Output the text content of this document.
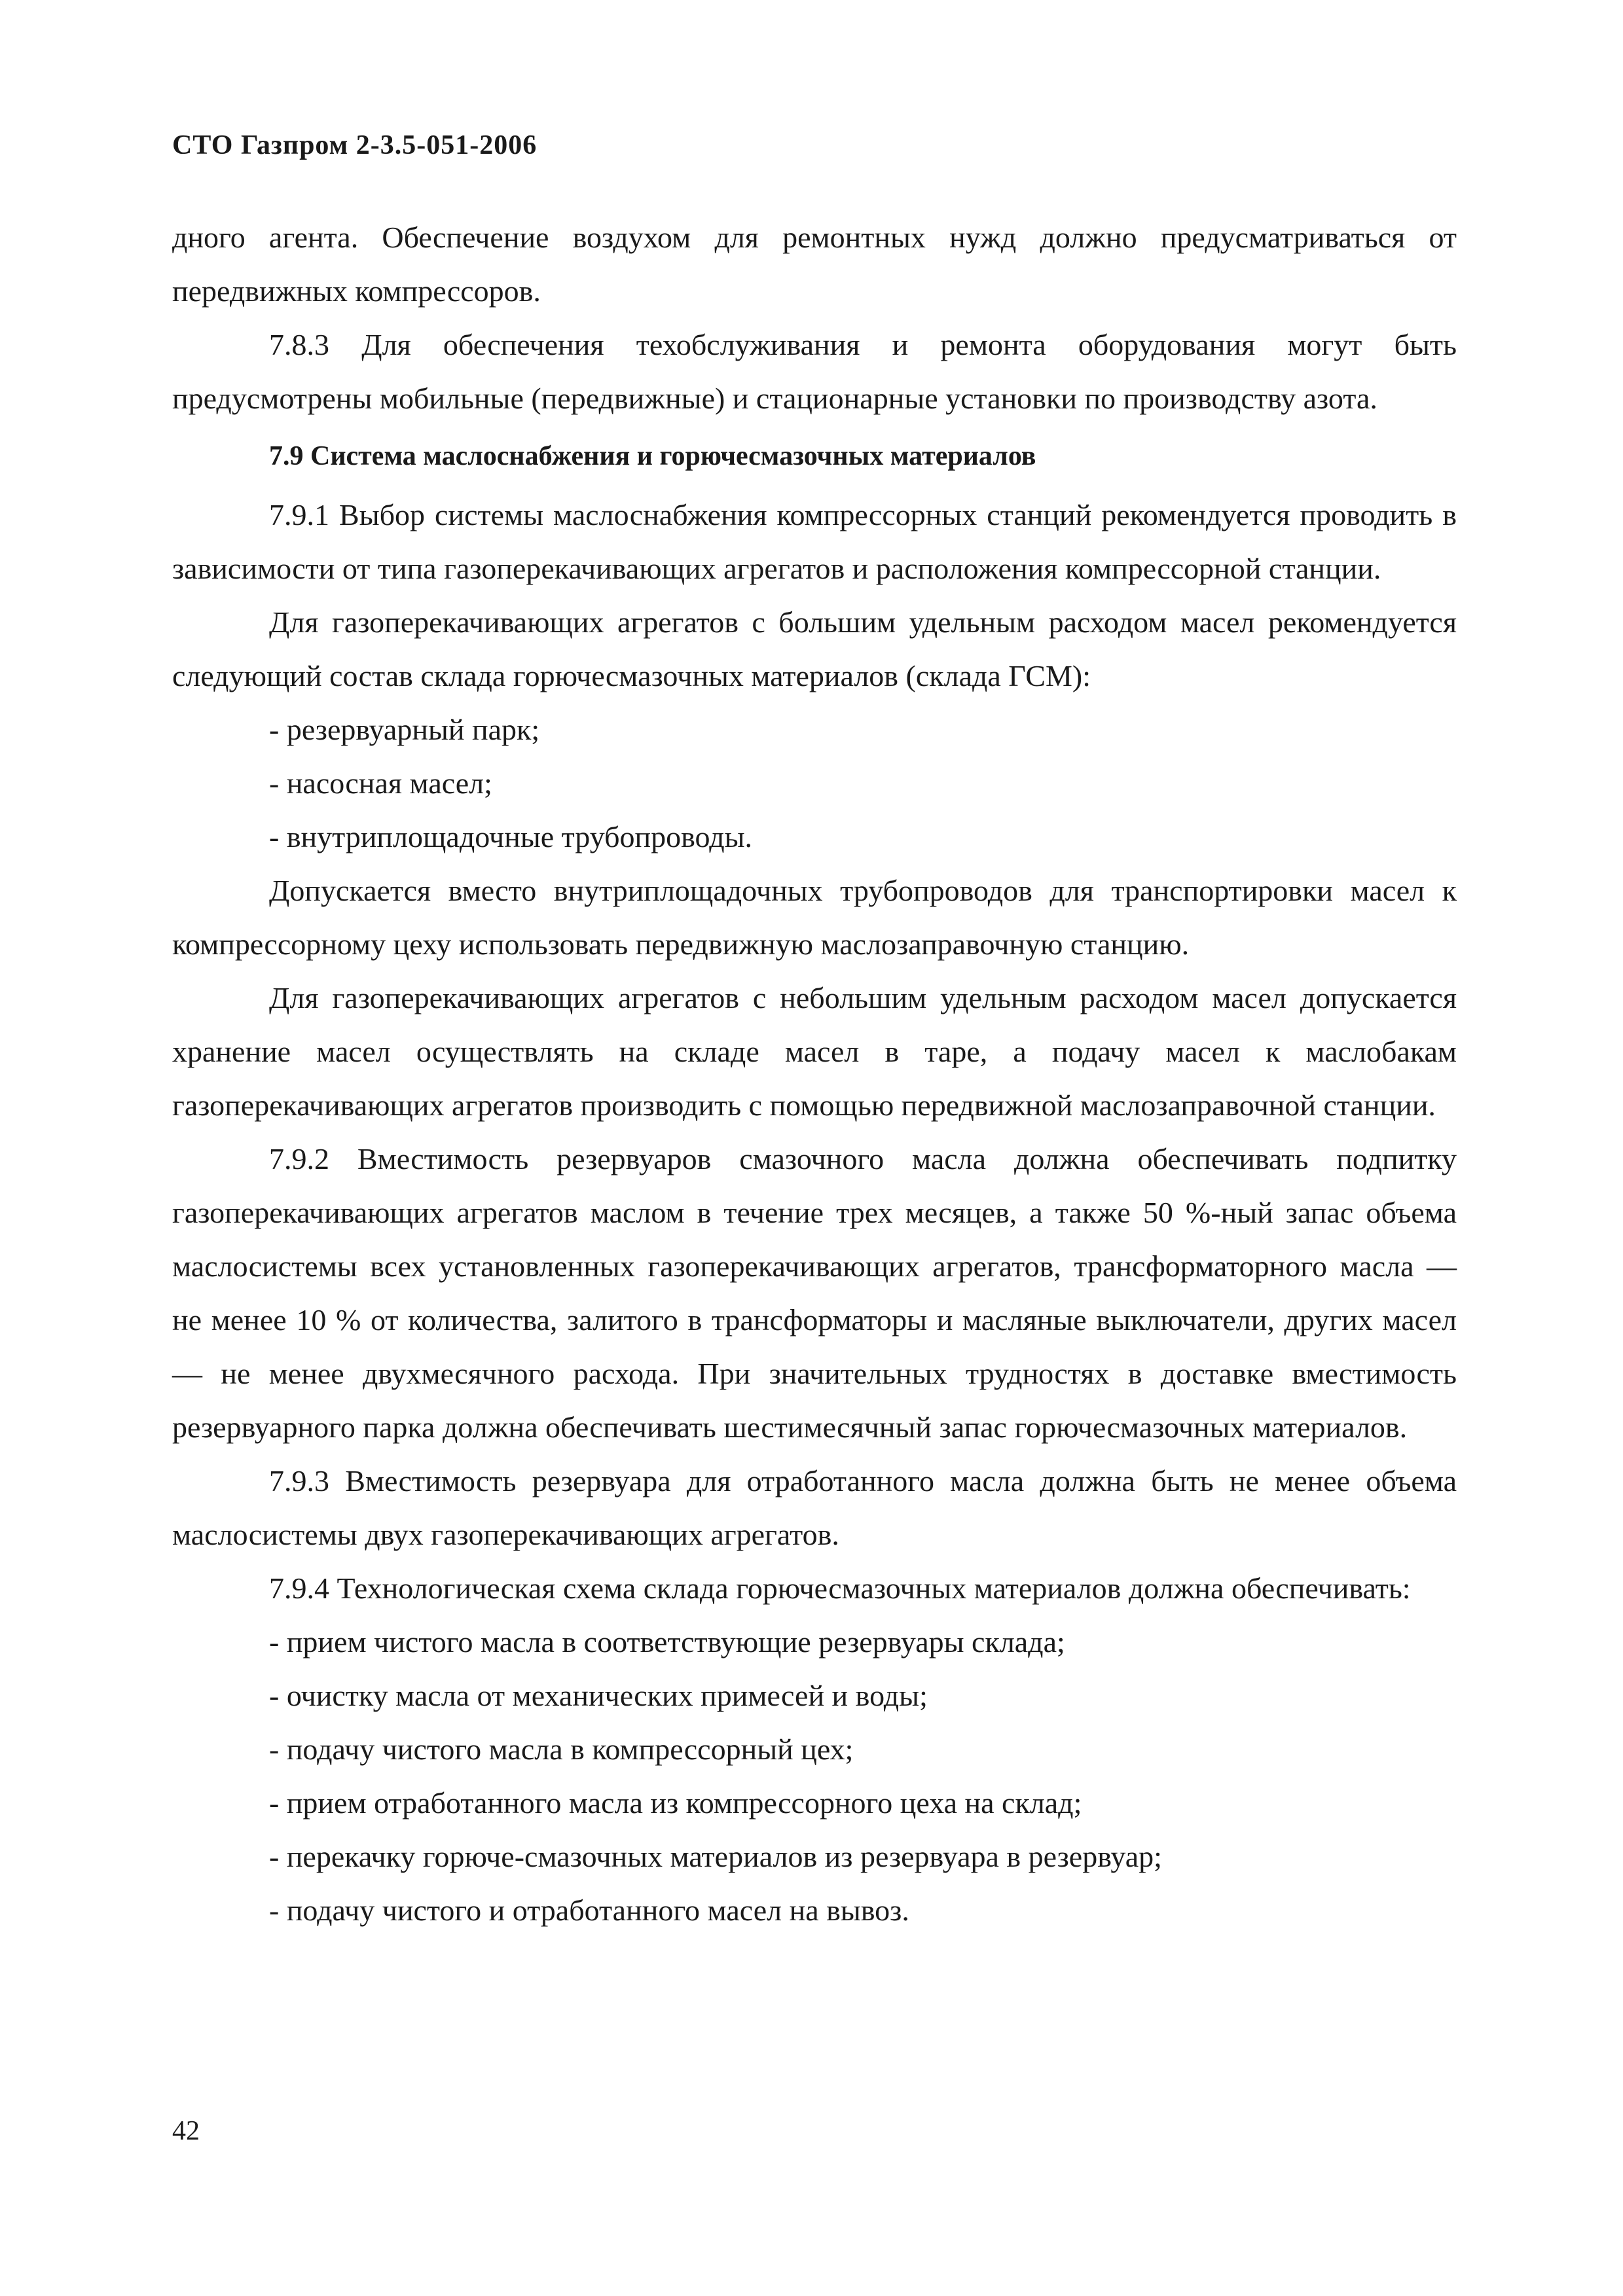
СТО Газпром 2-3.5-051-2006

дного агента. Обеспечение воздухом для ремонтных нужд должно предусматриваться от передвижных компрессоров.

7.8.3 Для обеспечения техобслуживания и ремонта оборудования могут быть предусмотрены мобильные (передвижные) и стационарные установки по производству азота.

7.9 Система маслоснабжения и горючесмазочных материалов

7.9.1 Выбор системы маслоснабжения компрессорных станций рекомендуется проводить в зависимости от типа газоперекачивающих агрегатов и расположения компрессорной станции.

Для газоперекачивающих агрегатов с большим удельным расходом масел рекомендуется следующий состав склада горючесмазочных материалов (склада ГСМ):

- резервуарный парк;

- насосная масел;

- внутриплощадочные трубопроводы.

Допускается вместо внутриплощадочных трубопроводов для транспортировки масел к компрессорному цеху использовать передвижную маслозаправочную станцию.

Для газоперекачивающих агрегатов с небольшим удельным расходом масел допускается хранение масел осуществлять на складе масел в таре, а подачу масел к маслобакам газоперекачивающих агрегатов производить с помощью передвижной маслозаправочной станции.

7.9.2 Вместимость резервуаров смазочного масла должна обеспечивать подпитку газоперекачивающих агрегатов маслом в течение трех месяцев, а также 50 %-ный запас объема маслосистемы всех установленных газоперекачивающих агрегатов, трансформаторного масла — не менее 10 % от количества, залитого в трансформаторы и масляные выключатели, других масел — не менее двухмесячного расхода. При значительных трудностях в доставке вместимость резервуарного парка должна обеспечивать шестимесячный запас горючесмазочных материалов.

7.9.3 Вместимость резервуара для отработанного масла должна быть не менее объема маслосистемы двух газоперекачивающих агрегатов.

7.9.4 Технологическая схема склада горючесмазочных материалов должна обеспечивать:

- прием чистого масла в соответствующие резервуары склада;

- очистку масла от механических примесей и воды;

- подачу чистого масла в компрессорный цех;

- прием отработанного масла из компрессорного цеха на склад;

- перекачку горюче-смазочных материалов из резервуара в резервуар;

- подачу чистого и отработанного масел на вывоз.

42
